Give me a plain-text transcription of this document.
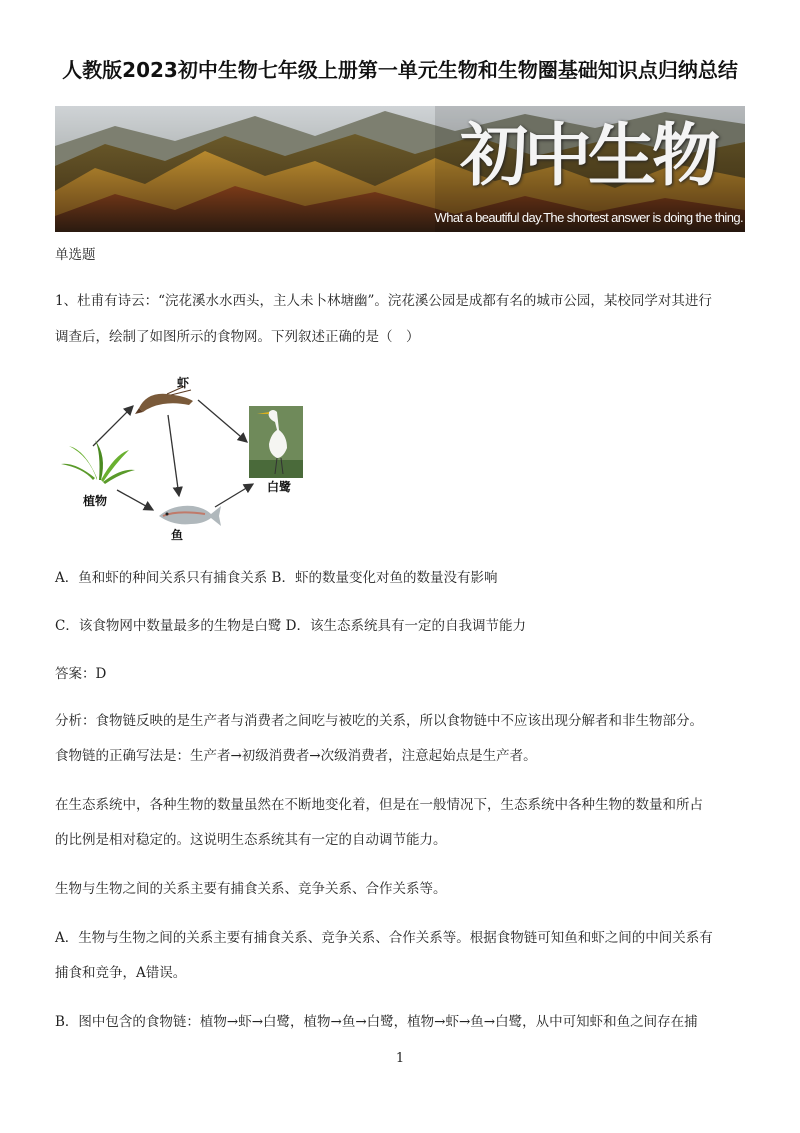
人教版2023初中生物七年级上册第一单元生物和生物圈基础知识点归纳总结
初中生物
What a beautiful day.The shortest answer is doing the thing.
单选题
1、杜甫有诗云：“浣花溪水水西头，主人未卜林塘幽”。浣花溪公园是成都有名的城市公园，某校同学对其进行
调查后，绘制了如图所示的食物网。下列叙述正确的是（　）
虾
植物
白鹭
鱼
A．鱼和虾的种间关系只有捕食关系 B．虾的数量变化对鱼的数量没有影响
C．该食物网中数量最多的生物是白鹭 D．该生态系统具有一定的自我调节能力
答案：D
分析：食物链反映的是生产者与消费者之间吃与被吃的关系，所以食物链中不应该出现分解者和非生物部分。
食物链的正确写法是：生产者→初级消费者→次级消费者，注意起始点是生产者。
在生态系统中，各种生物的数量虽然在不断地变化着，但是在一般情况下，生态系统中各种生物的数量和所占
的比例是相对稳定的。这说明生态系统其有一定的自动调节能力。
生物与生物之间的关系主要有捕食关系、竞争关系、合作关系等。
A．生物与生物之间的关系主要有捕食关系、竞争关系、合作关系等。根据食物链可知鱼和虾之间的中间关系有
捕食和竞争，A错误。
B．图中包含的食物链：植物→虾→白鹭，植物→鱼→白鹭，植物→虾→鱼→白鹭，从中可知虾和鱼之间存在捕
1
